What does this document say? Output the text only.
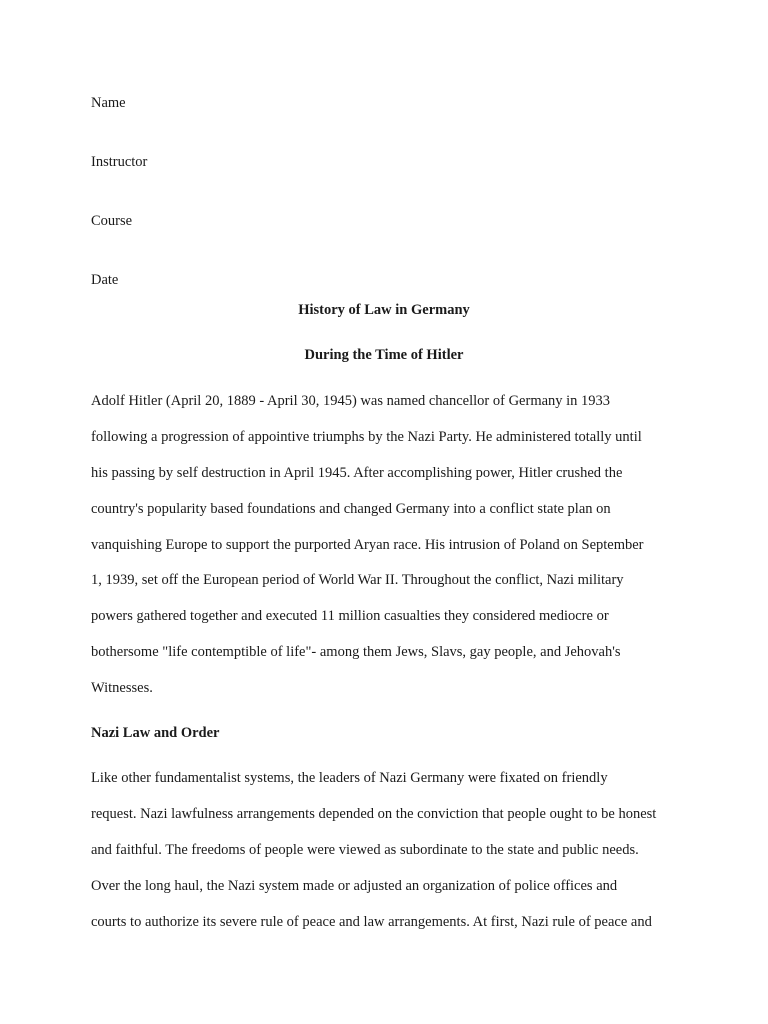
Name
Instructor
Course
Date
History of Law in Germany
During the Time of Hitler
Adolf Hitler (April 20, 1889 - April 30, 1945) was named chancellor of Germany in 1933
following a progression of appointive triumphs by the Nazi Party. He administered totally until
his passing by self destruction in April 1945. After accomplishing power, Hitler crushed the
country's popularity based foundations and changed Germany into a conflict state plan on
vanquishing Europe to support the purported Aryan race. His intrusion of Poland on September
1, 1939, set off the European period of World War II. Throughout the conflict, Nazi military
powers gathered together and executed 11 million casualties they considered mediocre or
bothersome "life contemptible of life"- among them Jews, Slavs, gay people, and Jehovah's
Witnesses.
Nazi Law and Order
Like other fundamentalist systems, the leaders of Nazi Germany were fixated on friendly
request. Nazi lawfulness arrangements depended on the conviction that people ought to be honest
and faithful. The freedoms of people were viewed as subordinate to the state and public needs.
Over the long haul, the Nazi system made or adjusted an organization of police offices and
courts to authorize its severe rule of peace and law arrangements. At first, Nazi rule of peace and
